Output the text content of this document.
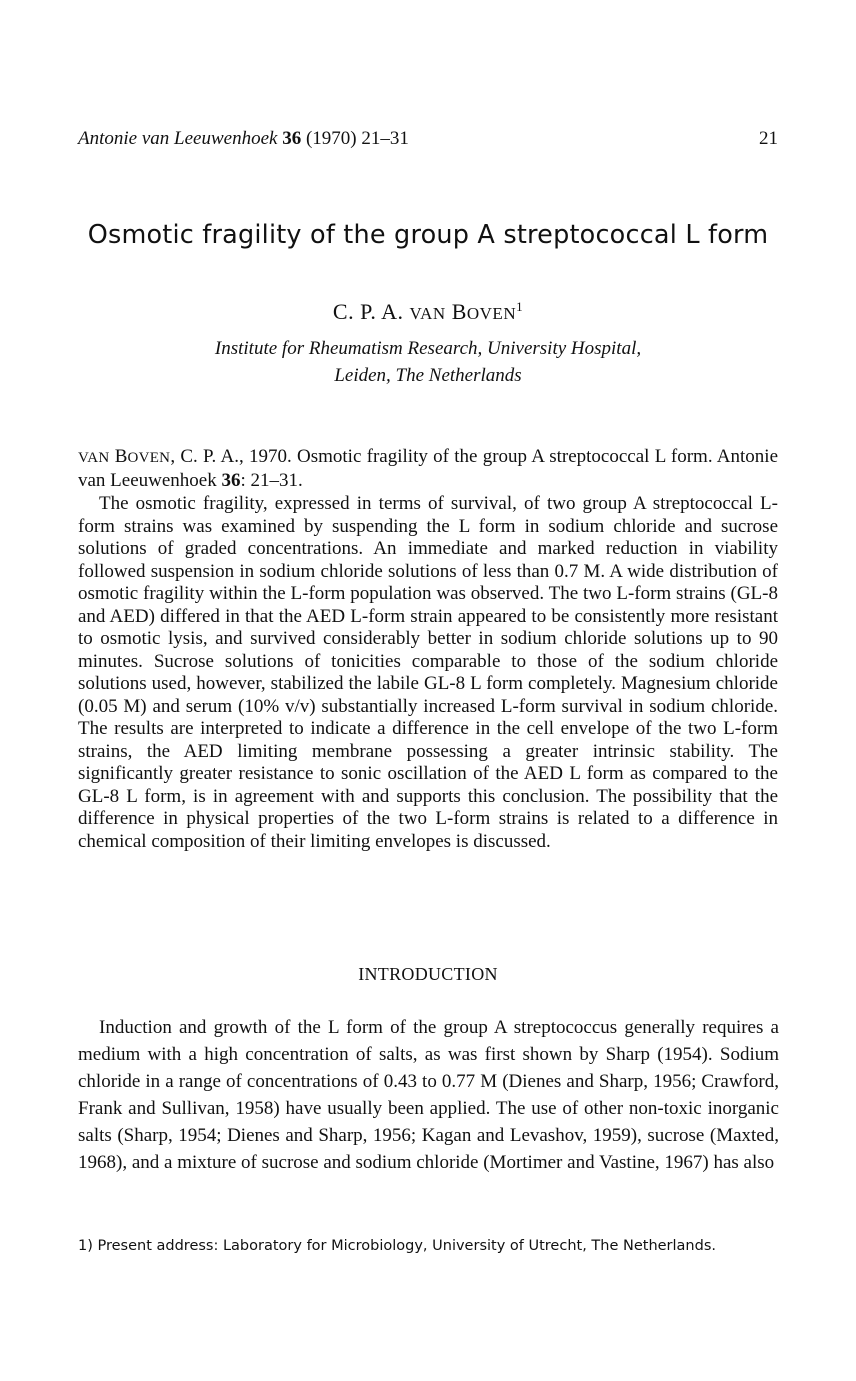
Antonie van Leeuwenhoek 36 (1970) 21–31	21
Osmotic fragility of the group A streptococcal L form
C. P. A. VAN BOVEN$^1$
Institute for Rheumatism Research, University Hospital,
Leiden, The Netherlands

VAN BOVEN, C. P. A., 1970. Osmotic fragility of the group A streptococcal L form. Antonie van Leeuwenhoek 36: 21–31.

The osmotic fragility, expressed in terms of survival, of two group A streptococcal L-form strains was examined by suspending the L form in sodium chloride and sucrose solutions of graded concentrations. An immediate and marked reduction in viability followed suspension in sodium chloride solutions of less than 0.7 M. A wide distribution of osmotic fragility within the L-form population was observed. The two L-form strains (GL-8 and AED) differed in that the AED L-form strain appeared to be consistently more resistant to osmotic lysis, and survived considerably better in sodium chloride solutions up to 90 minutes. Sucrose solutions of tonicities comparable to those of the sodium chloride solutions used, however, stabilized the labile GL-8 L form completely. Magnesium chloride (0.05 M) and serum (10% v/v) substantially increased L-form survival in sodium chloride. The results are interpreted to indicate a difference in the cell envelope of the two L-form strains, the AED limiting membrane possessing a greater intrinsic stability. The significantly greater resistance to sonic oscillation of the AED L form as compared to the GL-8 L form, is in agreement with and supports this conclusion. The possibility that the difference in physical properties of the two L-form strains is related to a difference in chemical composition of their limiting envelopes is discussed.

INTRODUCTION

Induction and growth of the L form of the group A streptococcus generally requires a medium with a high concentration of salts, as was first shown by Sharp (1954). Sodium chloride in a range of concentrations of 0.43 to 0.77 M (Dienes and Sharp, 1956; Crawford, Frank and Sullivan, 1958) have usually been applied. The use of other non-toxic inorganic salts (Sharp, 1954; Dienes and Sharp, 1956; Kagan and Levashov, 1959), sucrose (Maxted, 1968), and a mixture of sucrose and sodium chloride (Mortimer and Vastine, 1967) has also

1) Present address: Laboratory for Microbiology, University of Utrecht, The Netherlands.
